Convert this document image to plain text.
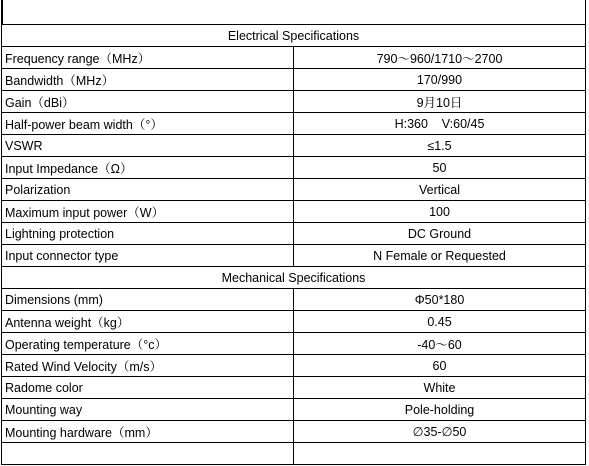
Electrical Specifications	
Frequency range（MHz）	790～960/1710～2700
Bandwidth（MHz）	170/990
Gain（dBi）	9月10日
Half-power beam width（°）	H:360    V:60/45
VSWR	≤1.5
Input Impedance（Ω）	50
Polarization	Vertical
Maximum input power（W）	100
Lightning protection	DC Ground
Input connector type	N Female or Requested
Mechanical Specifications	
Dimensions (mm)	Φ50*180
Antenna weight（kg）	0.45
Operating temperature（°c）	-40～60
Rated Wind Velocity（m/s）	60
Radome color	White
Mounting way	Pole-holding
Mounting hardware（mm）	∅35-∅50
